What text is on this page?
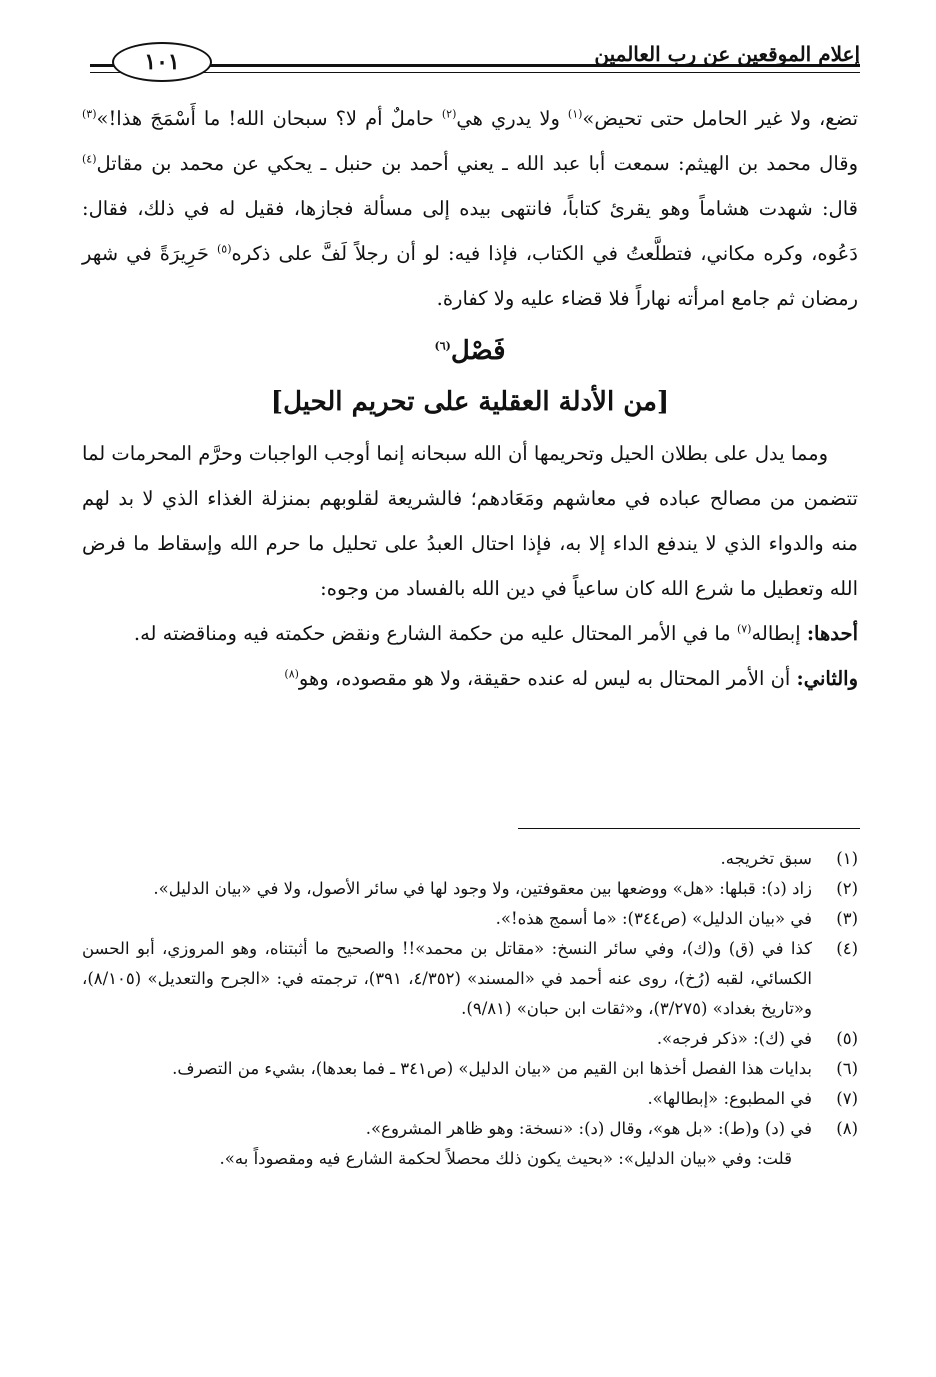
إعلام الموقعين عن رب العالمين
١٠١

تضع، ولا غير الحامل حتى تحيض»$^{(١)}$ ولا يدري هي$^{(٢)}$ حاملٌ أم لا؟ سبحان الله! ما أَسْمَجَ هذا!»$^{(٣)}$ وقال محمد بن الهيثم: سمعت أبا عبد الله ـ يعني أحمد بن حنبل ـ يحكي عن محمد بن مقاتل$^{(٤)}$ قال: شهدت هشاماً وهو يقرئ كتاباً، فانتهى بيده إلى مسألة فجازها، فقيل له في ذلك، فقال: دَعُوه، وكره مكاني، فتطلَّعتُ في الكتاب، فإذا فيه: لو أن رجلاً لَفَّ على ذكره$^{(٥)}$ حَرِيرَةً في شهر رمضان ثم جامع امرأته نهاراً فلا قضاء عليه ولا كفارة.

فَصْل$^{(٦)}$
[من الأدلة العقلية على تحريم الحيل]

ومما يدل على بطلان الحيل وتحريمها أن الله سبحانه إنما أوجب الواجبات وحرَّم المحرمات لما تتضمن من مصالح عباده في معاشهم ومَعَادهم؛ فالشريعة لقلوبهم بمنزلة الغذاء الذي لا بد لهم منه والدواء الذي لا يندفع الداء إلا به، فإذا احتال العبدُ على تحليل ما حرم الله وإسقاط ما فرض الله وتعطيل ما شرع الله كان ساعياً في دين الله بالفساد من وجوه:

أحدها: إبطاله$^{(٧)}$ ما في الأمر المحتال عليه من حكمة الشارع ونقض حكمته فيه ومناقضته له.

والثاني: أن الأمر المحتال به ليس له عنده حقيقة، ولا هو مقصوده، وهو$^{(٨)}$

(١)
سبق تخريجه.
(٢)
زاد (د): قبلها: «هل» ووضعها بين معقوفتين، ولا وجود لها في سائر الأصول، ولا في «بيان الدليل».
(٣)
في «بيان الدليل» (ص٣٤٤): «ما أسمج هذه!».
(٤)
كذا في (ق) و(ك)، وفي سائر النسخ: «مقاتل بن محمد»!! والصحيح ما أثبتناه، وهو المروزي، أبو الحسن الكسائي، لقبه (رُخ)، روى عنه أحمد في «المسند» (٤/٣٥٢، ٣٩١)، ترجمته في: «الجرح والتعديل» (٨/١٠٥)، و«تاريخ بغداد» (٣/٢٧٥)، و«ثقات ابن حبان» (٩/٨١).
(٥)
في (ك): «ذكر فرجه».
(٦)
بدايات هذا الفصل أخذها ابن القيم من «بيان الدليل» (ص٣٤١ ـ فما بعدها)، بشيء من التصرف.
(٧)
في المطبوع: «إبطالها».
(٨)
في (د) و(ط): «بل هو»، وقال (د): «نسخة: وهو ظاهر المشروع».
قلت: وفي «بيان الدليل»: «بحيث يكون ذلك محصلاً لحكمة الشارع فيه ومقصوداً به».
